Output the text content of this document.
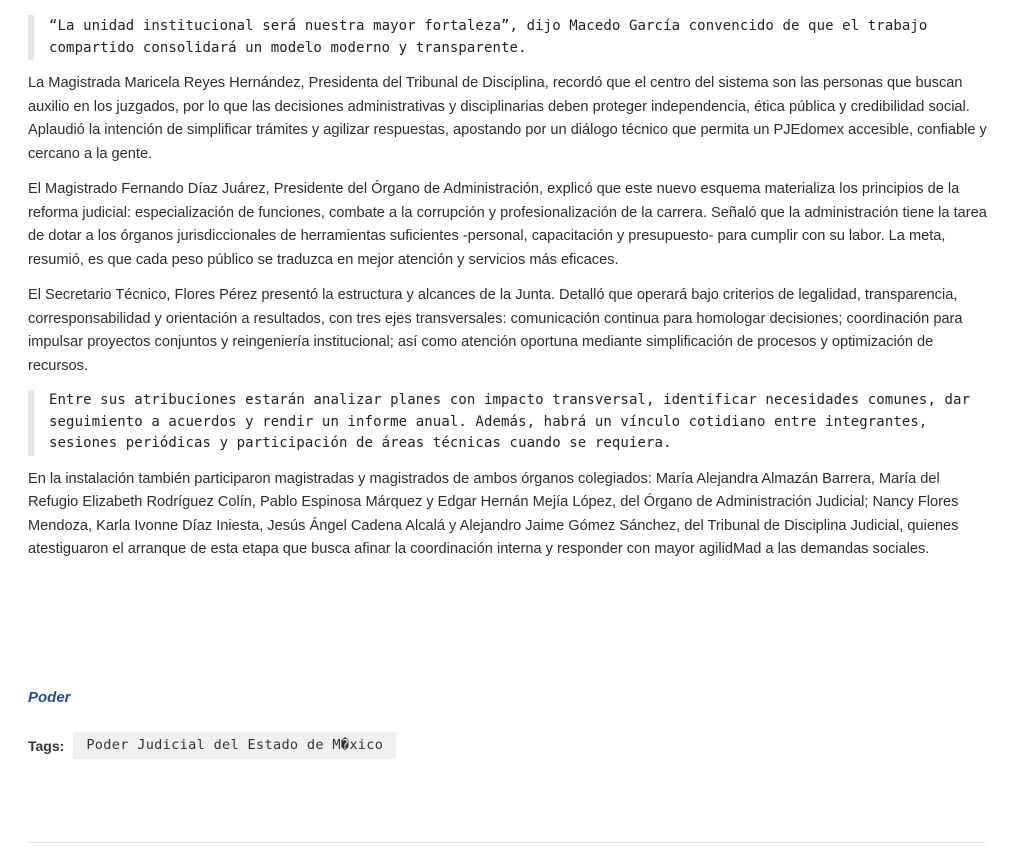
“La unidad institucional será nuestra mayor fortaleza”, dijo Macedo García convencido de que el trabajo compartido consolidará un modelo moderno y transparente.

La Magistrada Maricela Reyes Hernández, Presidenta del Tribunal de Disciplina, recordó que el centro del sistema son las personas que buscan auxilio en los juzgados, por lo que las decisiones administrativas y disciplinarias deben proteger independencia, ética pública y credibilidad social. Aplaudió la intención de simplificar trámites y agilizar respuestas, apostando por un diálogo técnico que permita un PJEdomex accesible, confiable y cercano a la gente.

El Magistrado Fernando Díaz Juárez, Presidente del Órgano de Administración, explicó que este nuevo esquema materializa los principios de la reforma judicial: especialización de funciones, combate a la corrupción y profesionalización de la carrera. Señaló que la administración tiene la tarea de dotar a los órganos jurisdiccionales de herramientas suficientes -personal, capacitación y presupuesto- para cumplir con su labor. La meta, resumió, es que cada peso público se traduzca en mejor atención y servicios más eficaces.

El Secretario Técnico, Flores Pérez presentó la estructura y alcances de la Junta. Detalló que operará bajo criterios de legalidad, transparencia, corresponsabilidad y orientación a resultados, con tres ejes transversales: comunicación continua para homologar decisiones; coordinación para impulsar proyectos conjuntos y reingeniería institucional; así como atención oportuna mediante simplificación de procesos y optimización de recursos.

Entre sus atribuciones estarán analizar planes con impacto transversal, identificar necesidades comunes, dar seguimiento a acuerdos y rendir un informe anual. Además, habrá un vínculo cotidiano entre integrantes, sesiones periódicas y participación de áreas técnicas cuando se requiera.

En la instalación también participaron magistradas y magistrados de ambos órganos colegiados: María Alejandra Almazán Barrera, María del Refugio Elizabeth Rodríguez Colín, Pablo Espinosa Márquez y Edgar Hernán Mejía López, del Órgano de Administración Judicial; Nancy Flores Mendoza, Karla Ivonne Díaz Iniesta, Jesús Ángel Cadena Alcalá y Alejandro Jaime Gómez Sánchez, del Tribunal de Disciplina Judicial, quienes atestiguaron el arranque de esta etapa que busca afinar la coordinación interna y responder con mayor agilidMad a las demandas sociales.

Poder
Tags:	Poder Judicial del Estado de M�xico
